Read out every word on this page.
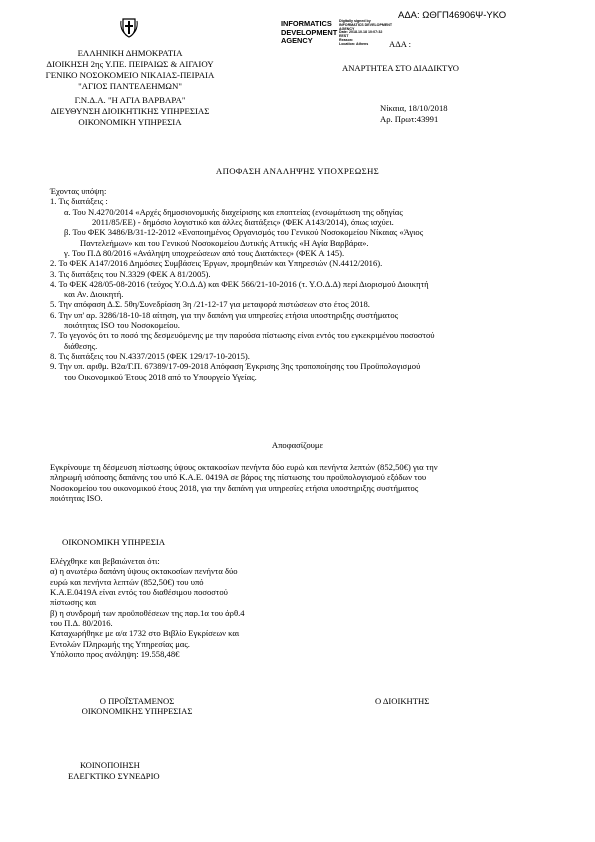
ΑΔΑ: ΩΘΓΠ46906Ψ-ΥΚΟ
ΕΛΛΗΝΙΚΗ ΔΗΜΟΚΡΑΤΙΑ
ΔΙΟΙΚΗΣΗ 2ης Υ.ΠΕ. ΠΕΙΡΑΙΩΣ & ΑΙΓΑΙΟΥ
ΓΕΝΙΚΟ ΝΟΣΟΚΟΜΕΙΟ ΝΙΚΑΙΑΣ-ΠΕΙΡΑΙΑ
"ΑΓΙΟΣ ΠΑΝΤΕΛΕΗΜΩΝ"
Γ.Ν.Δ.Α. "Η ΑΓΙΑ ΒΑΡΒΑΡΑ"
ΔΙΕΥΘΥΝΣΗ ΔΙΟΙΚΗΤΙΚΗΣ ΥΠΗΡΕΣΙΑΣ
ΟΙΚΟΝΟΜΙΚΗ ΥΠΗΡΕΣΙΑ
INFORMATICS
DEVELOPMENT
AGENCY
Digitally signed by
INFORMATICS DEVELOPMENT
AGENCY
Date: 2018.10.18 10:07:32
EEST
Reason:
Location: Athens	ΑΔΑ :
ΑΝΑΡΤΗΤΕΑ ΣΤΟ ΔΙΑΔΙΚΤΥΟ
Νίκαια, 18/10/2018
Αρ. Πρωτ:43991
ΑΠΟΦΑΣΗ ΑΝΑΛΗΨΗΣ ΥΠΟΧΡΕΩΣΗΣ

Έχοντας υπόψη:

1. Τις διατάξεις :

α. Του Ν.4270/2014 «Αρχές δημοσιονομικής διαχείρισης και εποπτείας (ενσωμάτωση της οδηγίας

2011/85/ΕΕ) - δημόσιο λογιστικό και άλλες διατάξεις» (ΦΕΚ Α143/2014), όπως ισχύει.

β. Του ΦΕΚ 3486/Β/31-12-2012 «Ενοποιημένος Οργανισμός του Γενικού Νοσοκομείου Νίκαιας «Άγιος

Παντελεήμων» και του Γενικού Νοσοκομείου Δυτικής Αττικής «Η Αγία Βαρβάρα».

γ. Του Π.Δ 80/2016 «Ανάληψη υποχρεώσεων από τους Διατάκτες» (ΦΕΚ Α 145).

2. Το ΦΕΚ Α147/2016 Δημόσιες Συμβάσεις Έργων, προμηθειών και Υπηρεσιών (Ν.4412/2016).

3. Τις διατάξεις του Ν.3329 (ΦΕΚ Α 81/2005).

4. Το ΦΕΚ 428/05-08-2016 (τεύχος Υ.Ο.Δ.Δ) και ΦΕΚ 566/21-10-2016 (τ. Υ.Ο.Δ.Δ) περί Διορισμού Διοικητή

και Αν. Διοικητή.

5. Την απόφαση Δ.Σ. 5θη/Συνεδρίαση 3η /21-12-17 για μεταφορά πιστώσεων στο έτος 2018.

6. Την υπ' αρ. 3286/18-10-18 αίτηση, για την δαπάνη για υπηρεσίες ετήσια υποστηριξης συστήματος

ποιότητας ISO του Νοσοκομείου.

7. Το γεγονός ότι το ποσό της δεσμευόμενης με την παρούσα πίστωσης είναι εντός του εγκεκριμένου ποσοστού

διάθεσης.

8. Τις διατάξεις του Ν.4337/2015 (ΦΕΚ 129/17-10-2015).

9. Την υπ. αριθμ. Β2α/Γ.Π. 67389/17-09-2018 Απόφαση Έγκρισης 3ης τροποποίησης του Προϋπολογισμού

του Οικονομικού Έτους 2018 από το Υπουργείο Υγείας.

Αποφασίζουμε

Εγκρίνουμε τη δέσμευση πίστωσης ύψους οκτακοσίων πενήντα δύο ευρώ και πενήντα λεπτών (852,50€) για την

πληρωμή ισόποσης δαπάνης του υπό Κ.Α.Ε. 0419Α σε βάρος της πίστωσης του προϋπολογισμού εξόδων του

Νοσοκομείου του οικονομικού έτους 2018, για την δαπάνη για υπηρεσίες ετήσια υποστηριξης συστήματος

ποιότητας ISO.

ΟΙΚΟΝΟΜΙΚΗ ΥΠΗΡΕΣΙΑ

Ελέγχθηκε και βεβαιώνεται ότι:

α) η ανωτέρω δαπάνη ύψους οκτακοσίων πενήντα δύο

ευρώ και πενήντα λεπτών (852,50€) του υπό

Κ.Α.Ε.0419Α είναι εντός του διαθέσιμου ποσοστού

πίστωσης και

β) η συνδρομή των προϋποθέσεων της παρ.1α του άρθ.4

του Π.Δ. 80/2016.

Καταχωρήθηκε με α/α 1732 στο Βιβλίο Εγκρίσεων και

Εντολών Πληρωμής της Υπηρεσίας μας.

Υπόλοιπο προς ανάληψη: 19.558,48€

Ο ΠΡΟΪΣΤΑΜΕΝΟΣ
ΟΙΚΟΝΟΜΙΚΗΣ ΥΠΗΡΕΣΙΑΣ
Ο ΔΙΟΙΚΗΤΗΣ
ΚΟΙΝΟΠΟΙΗΣΗ
ΕΛΕΓΚΤΙΚΟ ΣΥΝΕΔΡΙΟ
